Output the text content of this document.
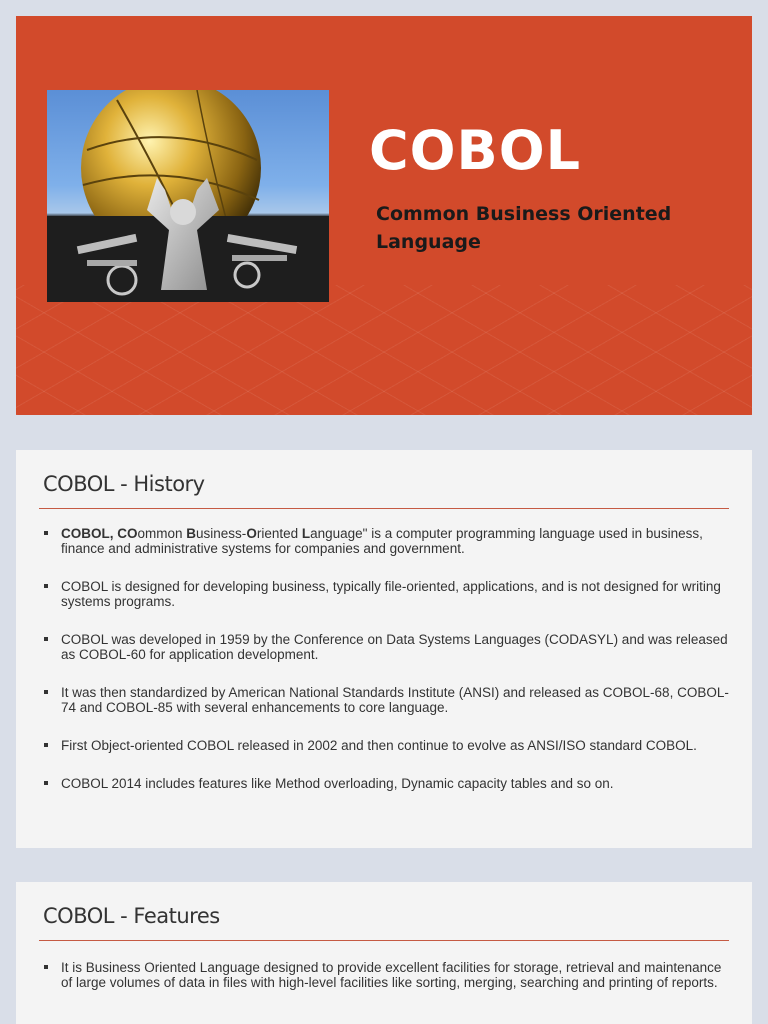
COBOL
Common Business Oriented Language
COBOL - History
COBOL, COommon Business-Oriented Language" is a computer programming language used in business, finance and administrative systems for companies and government.
COBOL is designed for developing business, typically file-oriented, applications, and is not designed for writing systems programs.
COBOL was developed in 1959 by the Conference on Data Systems Languages (CODASYL) and was released as COBOL-60 for application development.
It was then standardized by American National Standards Institute (ANSI) and released as COBOL-68, COBOL-74 and COBOL-85 with several enhancements to core language.
First Object-oriented COBOL released in 2002 and then continue to evolve as ANSI/ISO standard COBOL.
COBOL 2014 includes features like Method overloading, Dynamic capacity tables and so on.
COBOL - Features
It is Business Oriented Language designed to provide excellent facilities for storage, retrieval and maintenance of large volumes of data in files with high-level facilities like sorting, merging, searching and printing of reports.
